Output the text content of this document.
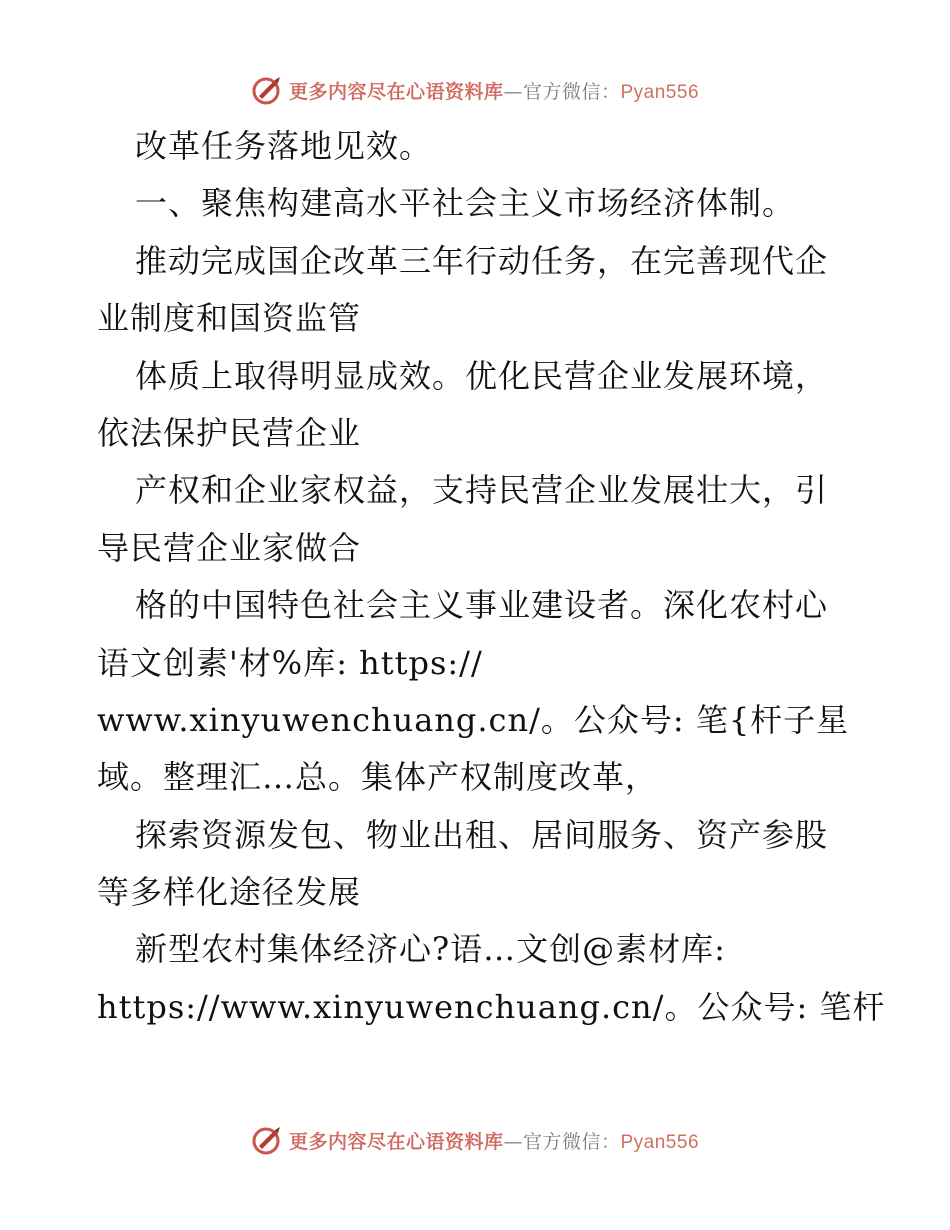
更多内容尽在心语资料库—官方微信：Pyan556
改革任务落地见效。
一、聚焦构建高水平社会主义市场经济体制。
推动完成国企改革三年行动任务，在完善现代企
业制度和国资监管
体质上取得明显成效。优化民营企业发展环境，
依法保护民营企业
产权和企业家权益，支持民营企业发展壮大，引
导民营企业家做合
格的中国特色社会主义事业建设者。深化农村心
语文创素'材%库: https://
www.xinyuwenchuang.cn/。公众号: 笔{杆子星
域。整理汇…总。集体产权制度改革，
探索资源发包、物业出租、居间服务、资产参股
等多样化途径发展
新型农村集体经济心?语…文创@素材库:
https://www.xinyuwenchuang.cn/。公众号: 笔杆
更多内容尽在心语资料库—官方微信：Pyan556
